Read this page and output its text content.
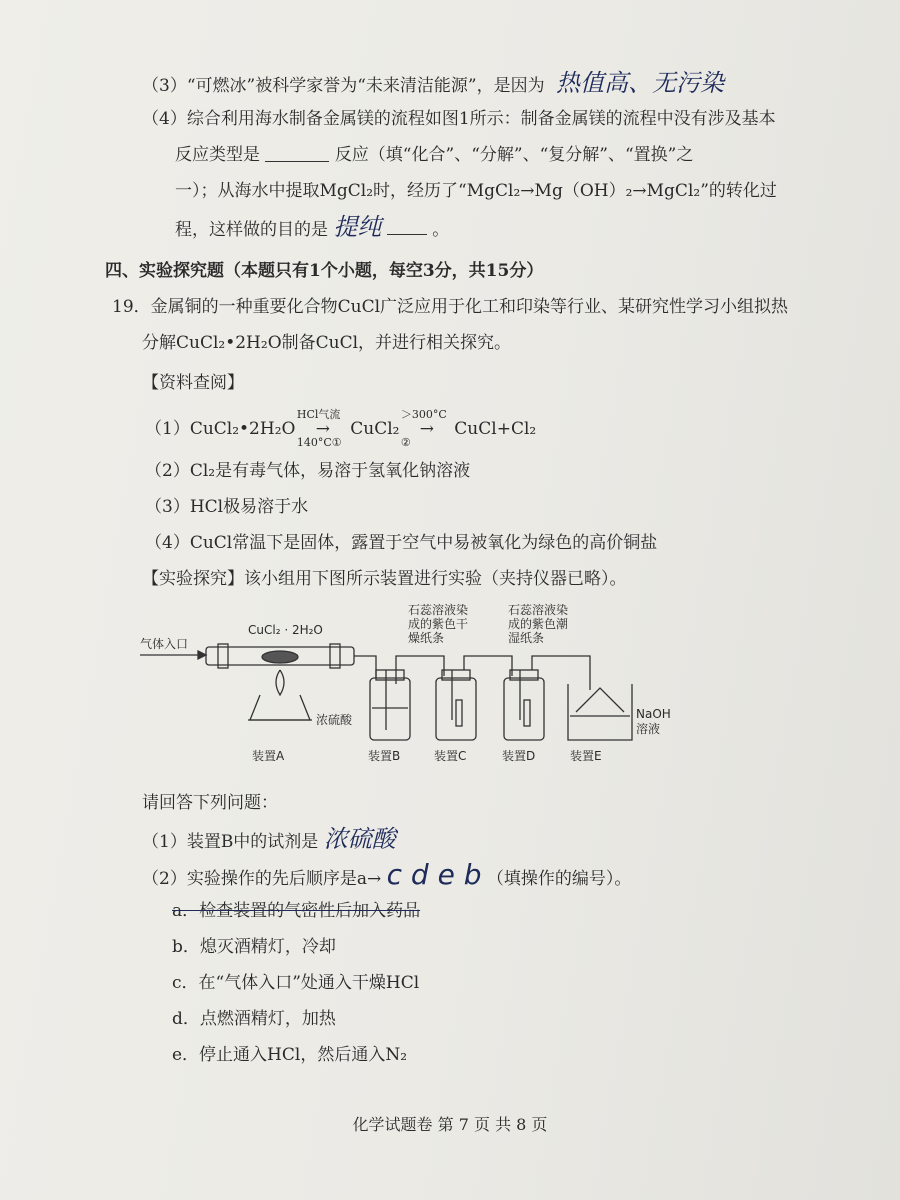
（3）“可燃冰”被科学家誉为“未来清洁能源”，是因为 热值高、无污染
（4）综合利用海水制备金属镁的流程如图1所示：制备金属镁的流程中没有涉及基本
反应类型是	反应（填“化合”、“分解”、“复分解”、“置换”之
一）；从海水中提取MgCl₂时，经历了“MgCl₂→Mg（OH）₂→MgCl₂”的转化过
程，这样做的目的是 提纯	。
四、实验探究题（本题只有1个小题，每空3分，共15分）
19．金属铜的一种重要化合物CuCl广泛应用于化工和印染等行业、某研究性学习小组拟热
分解CuCl₂•2H₂O制备CuCl，并进行相关探究。
【资料查阅】
（1）CuCl₂•2H₂O →
HCl气流
140°C①
CuCl₂ →
＞300°C
②
CuCl+Cl₂
（2）Cl₂是有毒气体，易溶于氢氧化钠溶液
（3）HCl极易溶于水
（4）CuCl常温下是固体，露置于空气中易被氧化为绿色的高价铜盐
【实验探究】该小组用下图所示装置进行实验（夹持仪器已略）。
气体入口
CuCl₂ · 2H₂O
石蕊溶液染
成的紫色干
燥纸条
石蕊溶液染
成的紫色潮
湿纸条
浓硫酸	NaOH
溶液
装置A	装置B	装置C	装置D	装置E
请回答下列问题：
（1）装置B中的试剂是 浓硫酸
（2）实验操作的先后顺序是a→ c d e b （填操作的编号）。
a．检查装置的气密性后加入药品
b．熄灭酒精灯，冷却
c．在“气体入口”处通入干燥HCl
d．点燃酒精灯，加热
e．停止通入HCl，然后通入N₂
化学试题卷 第 7 页 共 8 页
